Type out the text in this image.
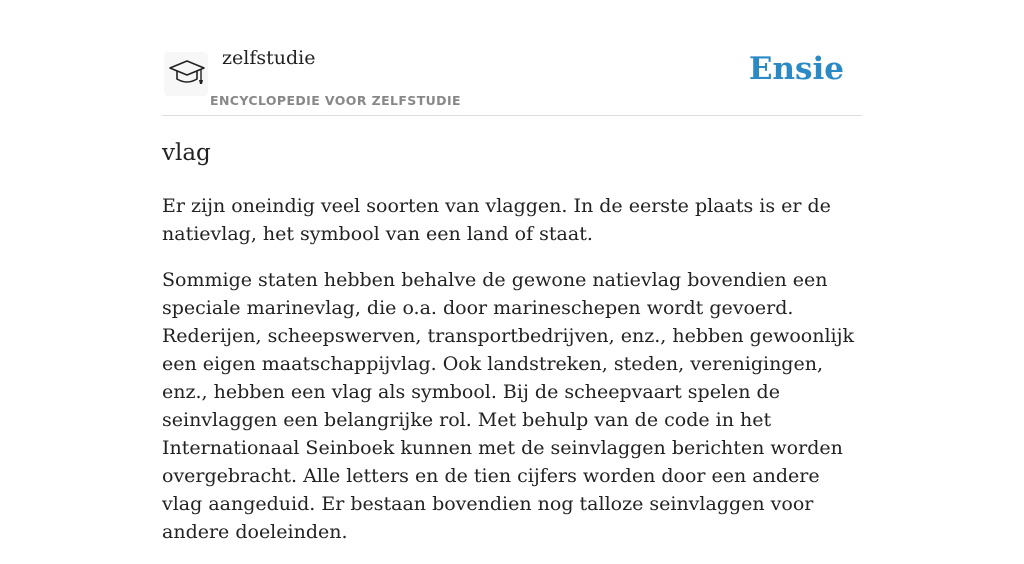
zelfstudie
ENCYCLOPEDIE VOOR ZELFSTUDIE
Ensie
vlag

Er zijn oneindig veel soorten van vlaggen. In de eerste plaats is er de natievlag, het symbool van een land of staat.

Sommige staten hebben behalve de gewone natievlag bovendien een speciale marinevlag, die o.a. door marineschepen wordt gevoerd. Rederijen, scheepswerven, transportbedrijven, enz., hebben gewoonlijk een eigen maatschappijvlag. Ook landstreken, steden, verenigingen, enz., hebben een vlag als symbool. Bij de scheepvaart spelen de seinvlaggen een belangrijke rol. Met behulp van de code in het Internationaal Seinboek kunnen met de seinvlaggen berichten worden overgebracht. Alle letters en de tien cijfers worden door een andere vlag aangeduid. Er bestaan bovendien nog talloze seinvlaggen voor andere doeleinden.
